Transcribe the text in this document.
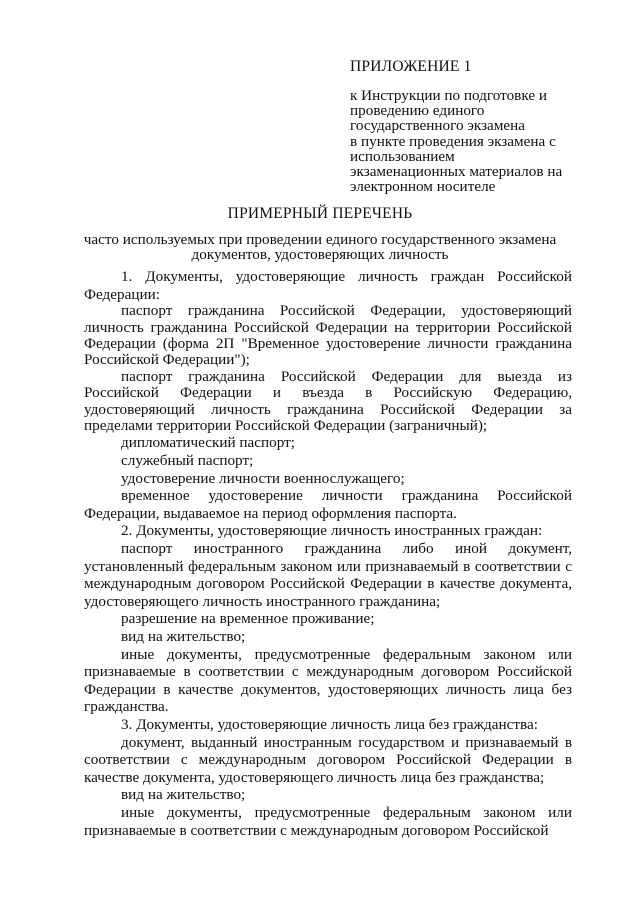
ПРИЛОЖЕНИЕ 1
к Инструкции по подготовке и
проведению единого
государственного экзамена
в пункте проведения экзамена с
использованием
экзаменационных материалов на
электронном носителе
ПРИМЕРНЫЙ ПЕРЕЧЕНЬ
часто используемых при проведении единого государственного экзамена
документов, удостоверяющих личность

1. Документы, удостоверяющие личность граждан Российской Федерации:

паспорт гражданина Российской Федерации, удостоверяющий личность гражданина Российской Федерации на территории Российской Федерации (форма 2П "Временное удостоверение личности гражданина Российской Федерации");

паспорт гражданина Российской Федерации для выезда из Российской Федерации и въезда в Российскую Федерацию, удостоверяющий личность гражданина Российской Федерации за пределами территории Российской Федерации (заграничный);

дипломатический паспорт;

служебный паспорт;

удостоверение личности военнослужащего;

временное удостоверение личности гражданина Российской Федерации, выдаваемое на период оформления паспорта.

2. Документы, удостоверяющие личность иностранных граждан:

паспорт иностранного гражданина либо иной документ, установленный федеральным законом или признаваемый в соответствии с международным договором Российской Федерации в качестве документа, удостоверяющего личность иностранного гражданина;

разрешение на временное проживание;

вид на жительство;

иные документы, предусмотренные федеральным законом или признаваемые в соответствии с международным договором Российской Федерации в качестве документов, удостоверяющих личность лица без гражданства.

3. Документы, удостоверяющие личность лица без гражданства:

документ, выданный иностранным государством и признаваемый в соответствии с международным договором Российской Федерации в качестве документа, удостоверяющего личность лица без гражданства;

вид на жительство;

иные документы, предусмотренные федеральным законом или признаваемые в соответствии с международным договором Российской
